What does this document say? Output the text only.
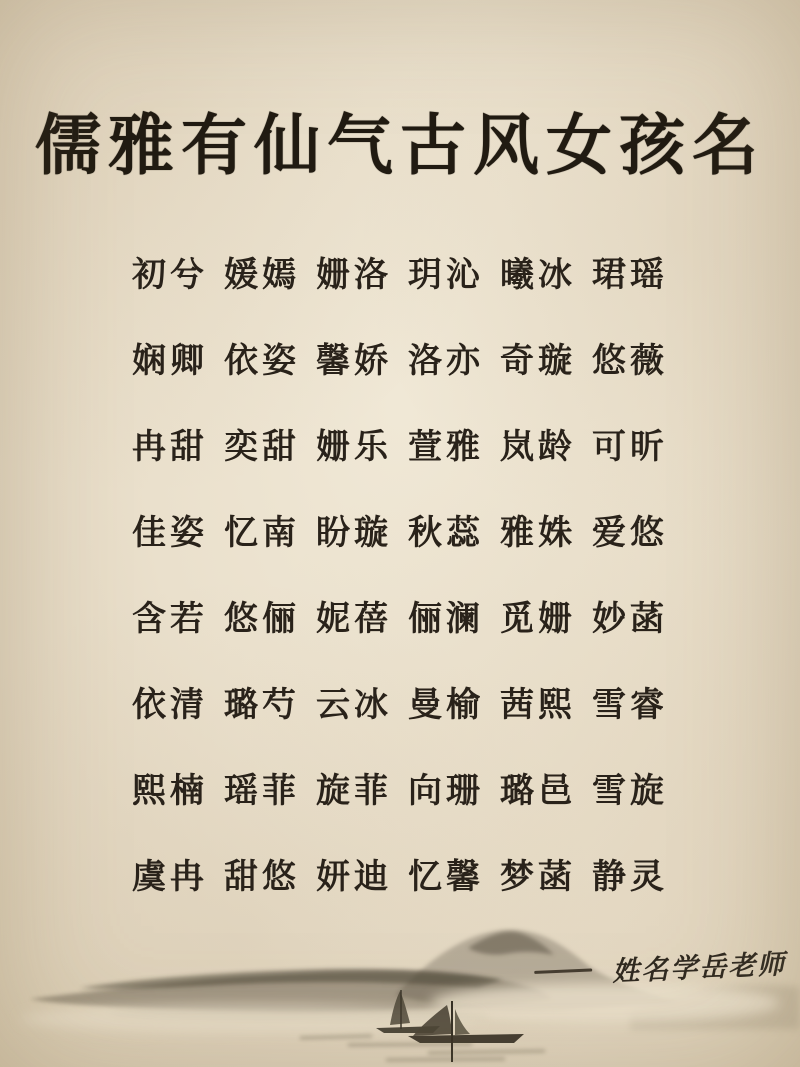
儒雅有仙气古风女孩名
初兮 媛嫣 姗洛 玥沁 曦冰 珺瑶
娴卿 依姿 馨娇 洛亦 奇璇 悠薇
冉甜 奕甜 姗乐 萱雅 岚龄 可昕
佳姿 忆南 盼璇 秋蕊 雅姝 爱悠
含若 悠俪 妮蓓 俪澜 觅姗 妙菡
依清 璐芍 云冰 曼榆 茜熙 雪睿
熙楠 瑶菲 旋菲 向珊 璐邑 雪旋
虞冉 甜悠 妍迪 忆馨 梦菡 静灵
姓名学岳老师
